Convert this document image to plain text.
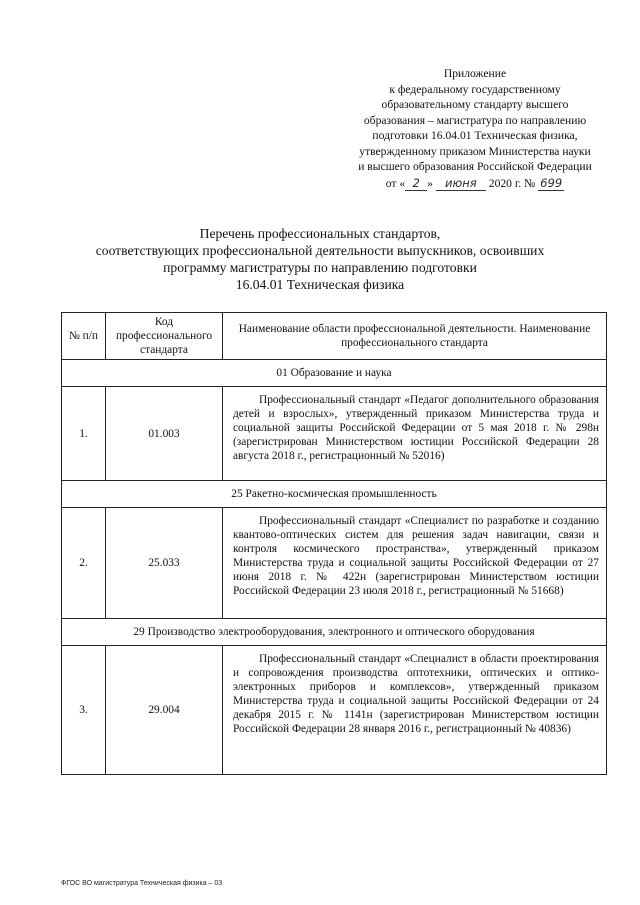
Приложение
к федеральному государственному
образовательному стандарту высшего
образования – магистратура по направлению
подготовки 16.04.01 Техническая физика,
утвержденному приказом Министерства науки
и высшего образования Российской Федерации
от « 2 » июня 2020 г. № 699
Перечень профессиональных стандартов,
соответствующих профессиональной деятельности выпускников, освоивших
программу магистратуры по направлению подготовки
16.04.01 Техническая физика
№ п/п	Код профессионального стандарта	Наименование области профессиональной деятельности. Наименование профессионального стандарта
01 Образование и наука		
1.	01.003	Профессиональный стандарт «Педагог дополнительного образования детей и взрослых», утвержденный приказом Министерства труда и социальной защиты Российской Федерации от 5 мая 2018 г. № 298н (зарегистрирован Министерством юстиции Российской Федерации 28 августа 2018 г., регистрационный № 52016)
25 Ракетно-космическая промышленность		
2.	25.033	Профессиональный стандарт «Специалист по разработке и созданию квантово-оптических систем для решения задач навигации, связи и контроля космического пространства», утвержденный приказом Министерства труда и социальной защиты Российской Федерации от 27 июня 2018 г. № 422н (зарегистрирован Министерством юстиции Российской Федерации 23 июля 2018 г., регистрационный № 51668)
29 Производство электрооборудования, электронного и оптического оборудования		
3.	29.004	Профессиональный стандарт «Специалист в области проектирования и сопровождения производства оптотехники, оптических и оптико-электронных приборов и комплексов», утвержденный приказом Министерства труда и социальной защиты Российской Федерации от 24 декабря 2015 г. № 1141н (зарегистрирован Министерством юстиции Российской Федерации 28 января 2016 г., регистрационный № 40836)
ФГОС ВО магистратура Техническая физика – 03
